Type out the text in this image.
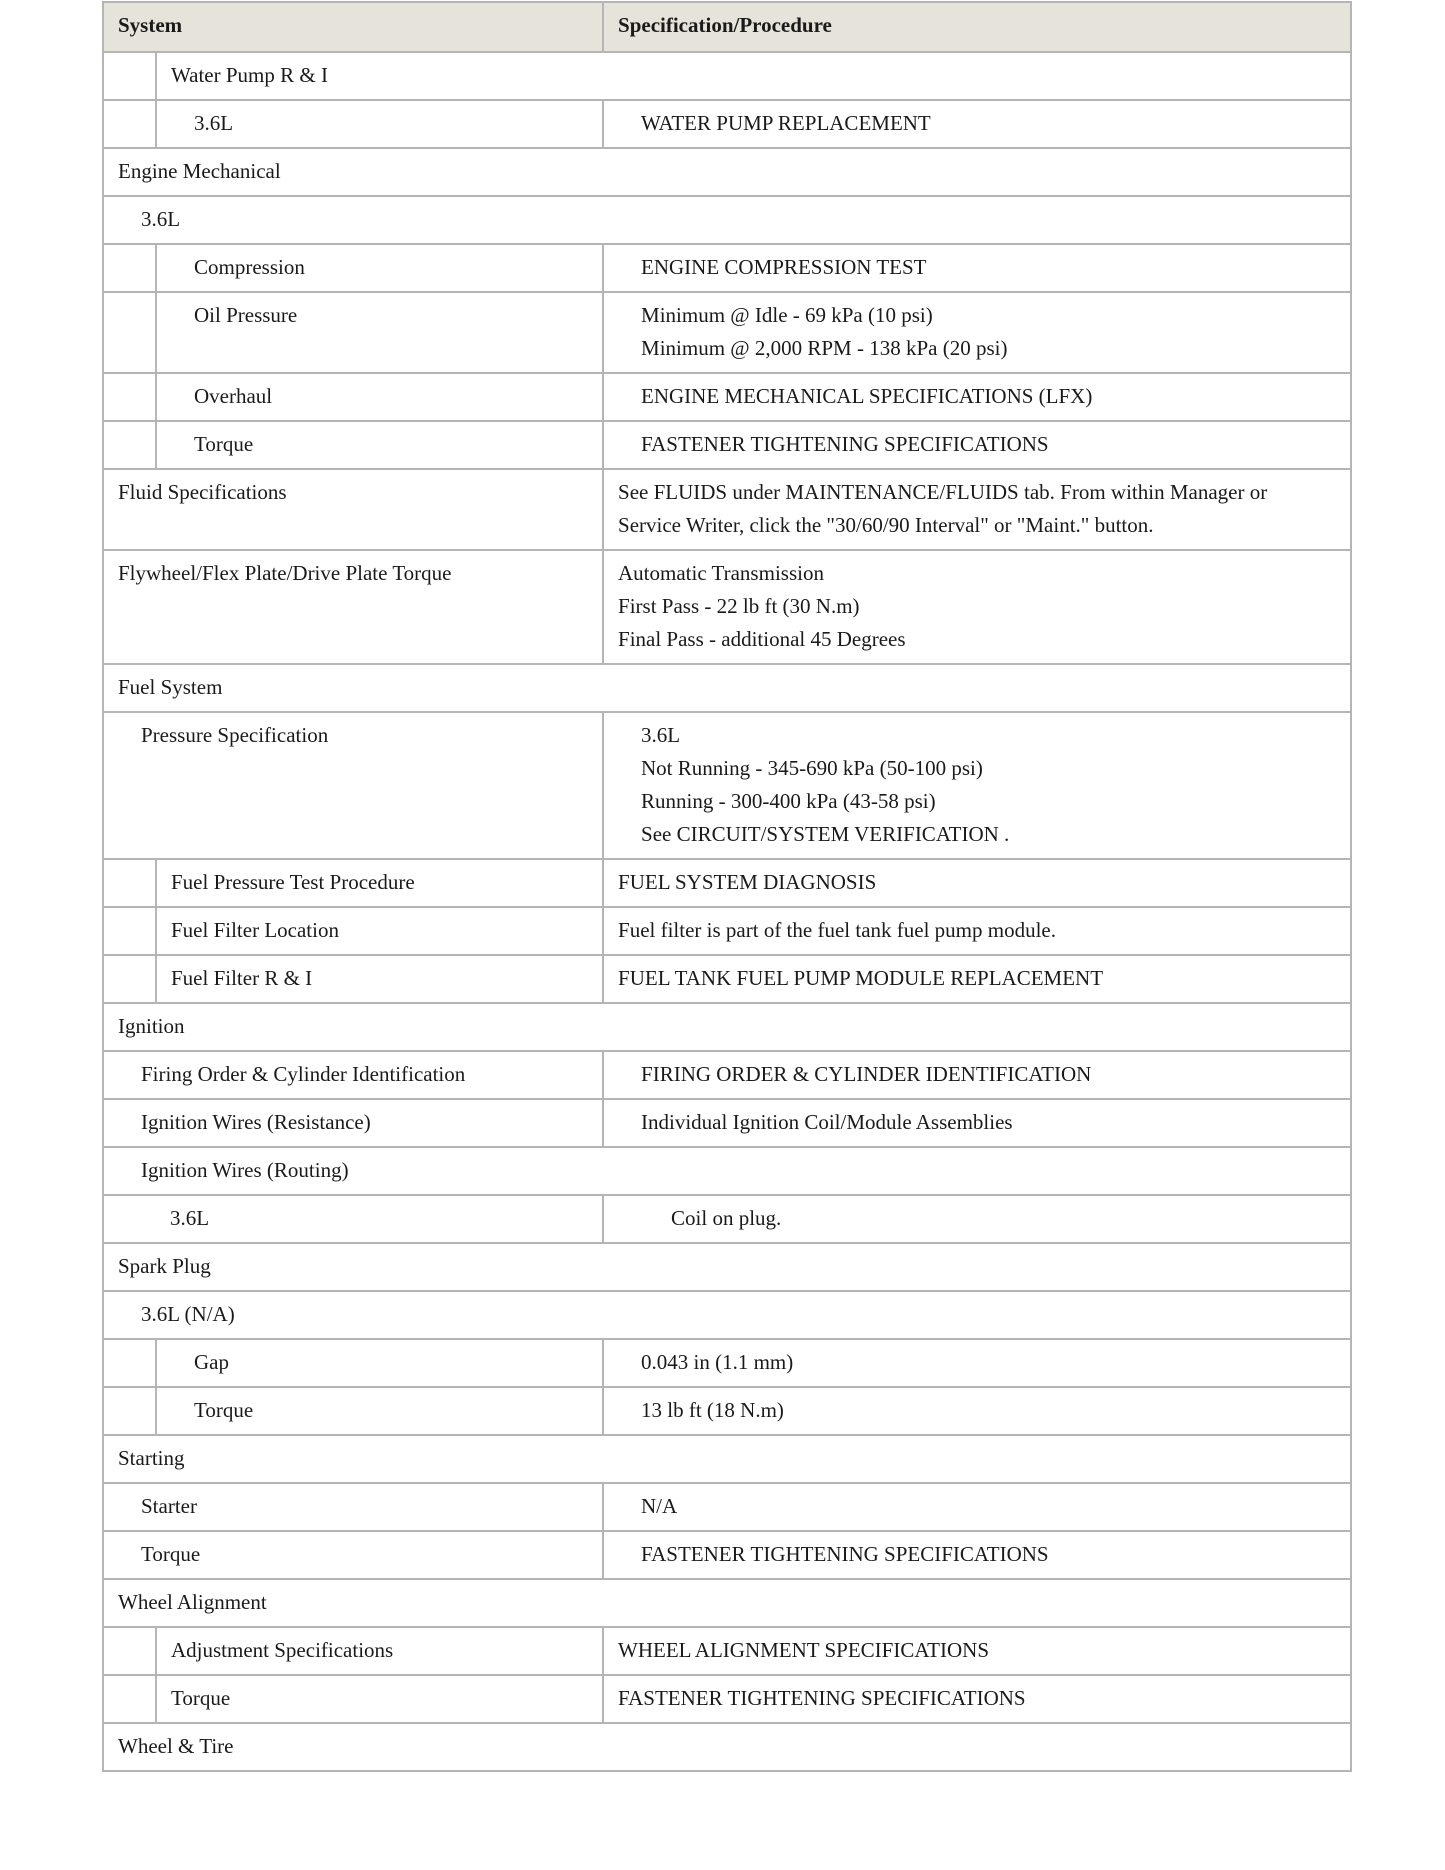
System		Specification/Procedure
	Water Pump R & I	
	3.6L	WATER PUMP REPLACEMENT

Engine Mechanical		
3.6L		
	Compression	ENGINE COMPRESSION TEST

	Oil Pressure	Minimum @ Idle - 69 kPa (10 psi)
Minimum @ 2,000 RPM - 138 kPa (20 psi)

	Overhaul	ENGINE MECHANICAL SPECIFICATIONS (LFX)

	Torque	FASTENER TIGHTENING SPECIFICATIONS

Fluid Specifications		See FLUIDS under MAINTENANCE/FLUIDS tab. From within Manager or
Service Writer, click the "30/60/90 Interval" or "Maint." button.

Flywheel/Flex Plate/Drive Plate Torque		Automatic Transmission
First Pass - 22 lb ft (30 N.m)
Final Pass - additional 45 Degrees

Fuel System		
Pressure Specification		3.6L
Not Running - 345-690 kPa (50-100 psi)
Running - 300-400 kPa (43-58 psi)
See CIRCUIT/SYSTEM VERIFICATION .

	Fuel Pressure Test Procedure	FUEL SYSTEM DIAGNOSIS

	Fuel Filter Location	Fuel filter is part of the fuel tank fuel pump module.

	Fuel Filter R & I	FUEL TANK FUEL PUMP MODULE REPLACEMENT

Ignition		
Firing Order & Cylinder Identification		FIRING ORDER & CYLINDER IDENTIFICATION

Ignition Wires (Resistance)		Individual Ignition Coil/Module Assemblies

Ignition Wires (Routing)		
3.6L		Coil on plug.

Spark Plug		
3.6L (N/A)		
	Gap	0.043 in (1.1 mm)

	Torque	13 lb ft (18 N.m)

Starting		
Starter		N/A

Torque		FASTENER TIGHTENING SPECIFICATIONS

Wheel Alignment		
	Adjustment Specifications	WHEEL ALIGNMENT SPECIFICATIONS

	Torque	FASTENER TIGHTENING SPECIFICATIONS

Wheel & Tire		
